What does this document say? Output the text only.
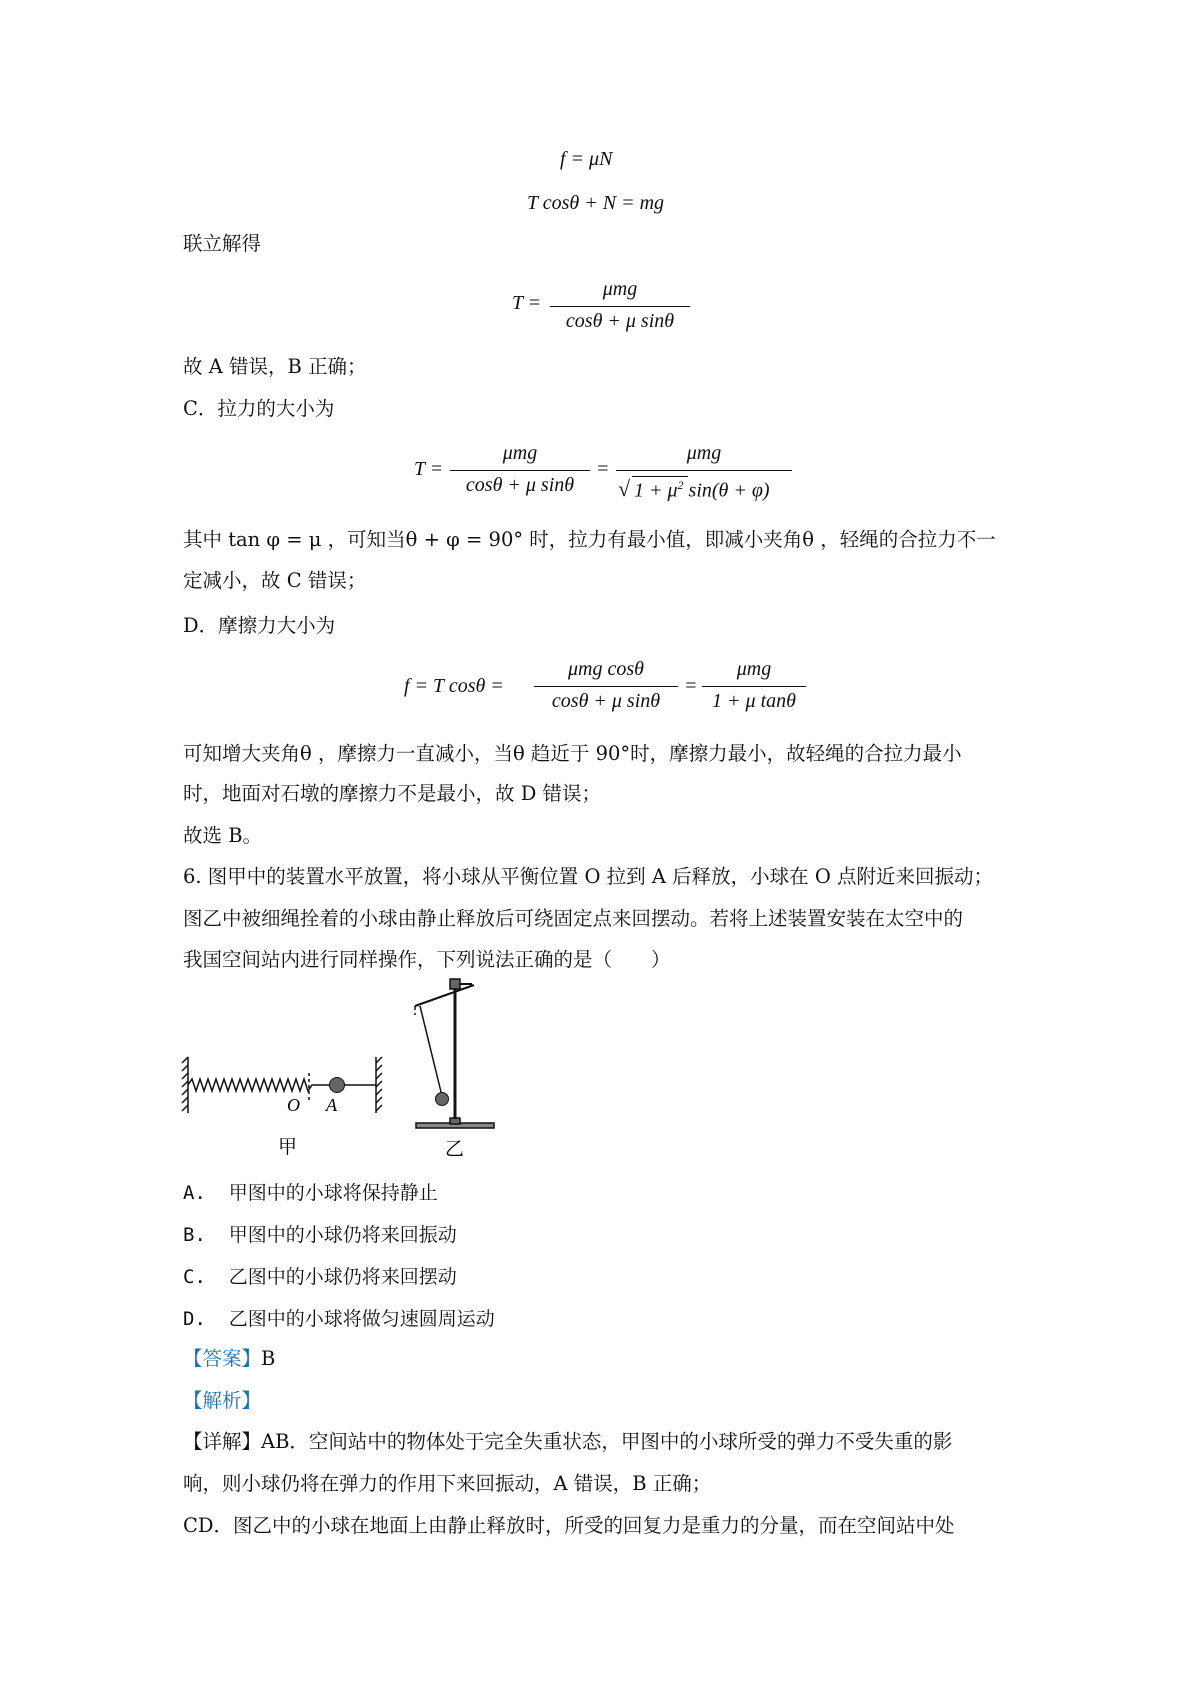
f = μN
T cosθ + N = mg
联立解得
T =
μmg
cosθ + μ sinθ
故 A 错误，B 正确；
C．拉力的大小为
T =
μmg
cosθ + μ sinθ
=
μmg
√ $1 + \mu^2$ sin(θ + φ)
其中 tan φ = μ ，可知当θ + φ = 90° 时，拉力有最小值，即减小夹角θ ，轻绳的合拉力不一
定减小，故 C 错误；
D．摩擦力大小为
f = T cosθ =
μmg cosθ
cosθ + μ sinθ
=
μmg
1 + μ tanθ
可知增大夹角θ ，摩擦力一直减小，当θ 趋近于 90°时，摩擦力最小，故轻绳的合拉力最小
时，地面对石墩的摩擦力不是最小，故 D 错误；
故选 B。
6. 图甲中的装置水平放置，将小球从平衡位置 O 拉到 A 后释放，小球在 O 点附近来回振动；
图乙中被细绳拴着的小球由静止释放后可绕固定点来回摆动。若将上述装置安装在太空中的
我国空间站内进行同样操作，下列说法正确的是（　　）
O A
甲	乙
A. 甲图中的小球将保持静止
B. 甲图中的小球仍将来回振动
C. 乙图中的小球仍将来回摆动
D. 乙图中的小球将做匀速圆周运动
【答案】B
【解析】
【详解】AB．空间站中的物体处于完全失重状态，甲图中的小球所受的弹力不受失重的影
响，则小球仍将在弹力的作用下来回振动，A 错误，B 正确；
CD．图乙中的小球在地面上由静止释放时，所受的回复力是重力的分量，而在空间站中处
